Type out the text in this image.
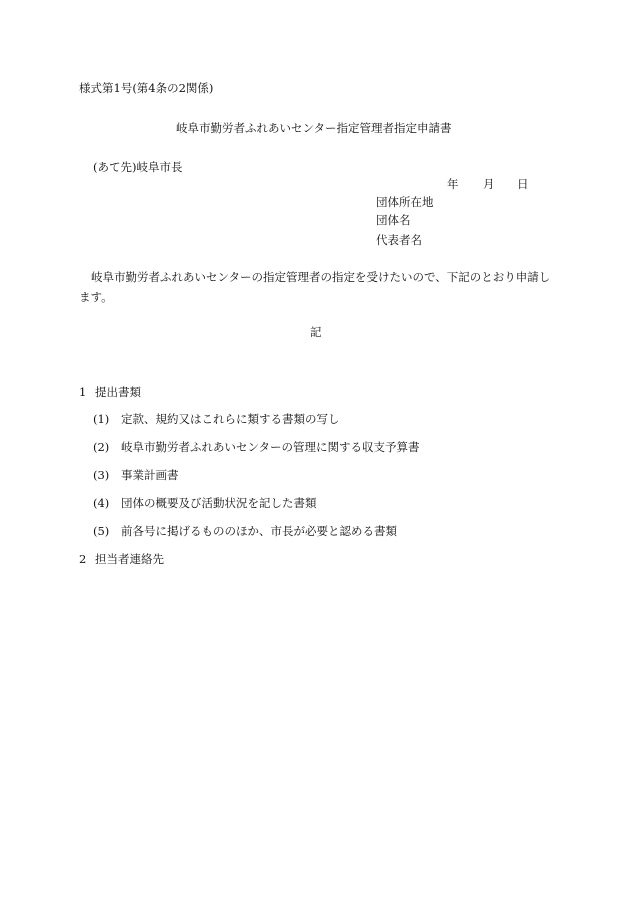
様式第1号(第4条の2関係)
岐阜市勤労者ふれあいセンター指定管理者指定申請書
(あて先)岐阜市長
年 月 日
団体所在地
団体名
代表者名
岐阜市勤労者ふれあいセンターの指定管理者の指定を受けたいので、下記のとおり申請します。
記
1 提出書類
(1) 定款、規約又はこれらに類する書類の写し
(2) 岐阜市勤労者ふれあいセンターの管理に関する収支予算書
(3) 事業計画書
(4) 団体の概要及び活動状況を記した書類
(5) 前各号に掲げるもののほか、市長が必要と認める書類
2 担当者連絡先
